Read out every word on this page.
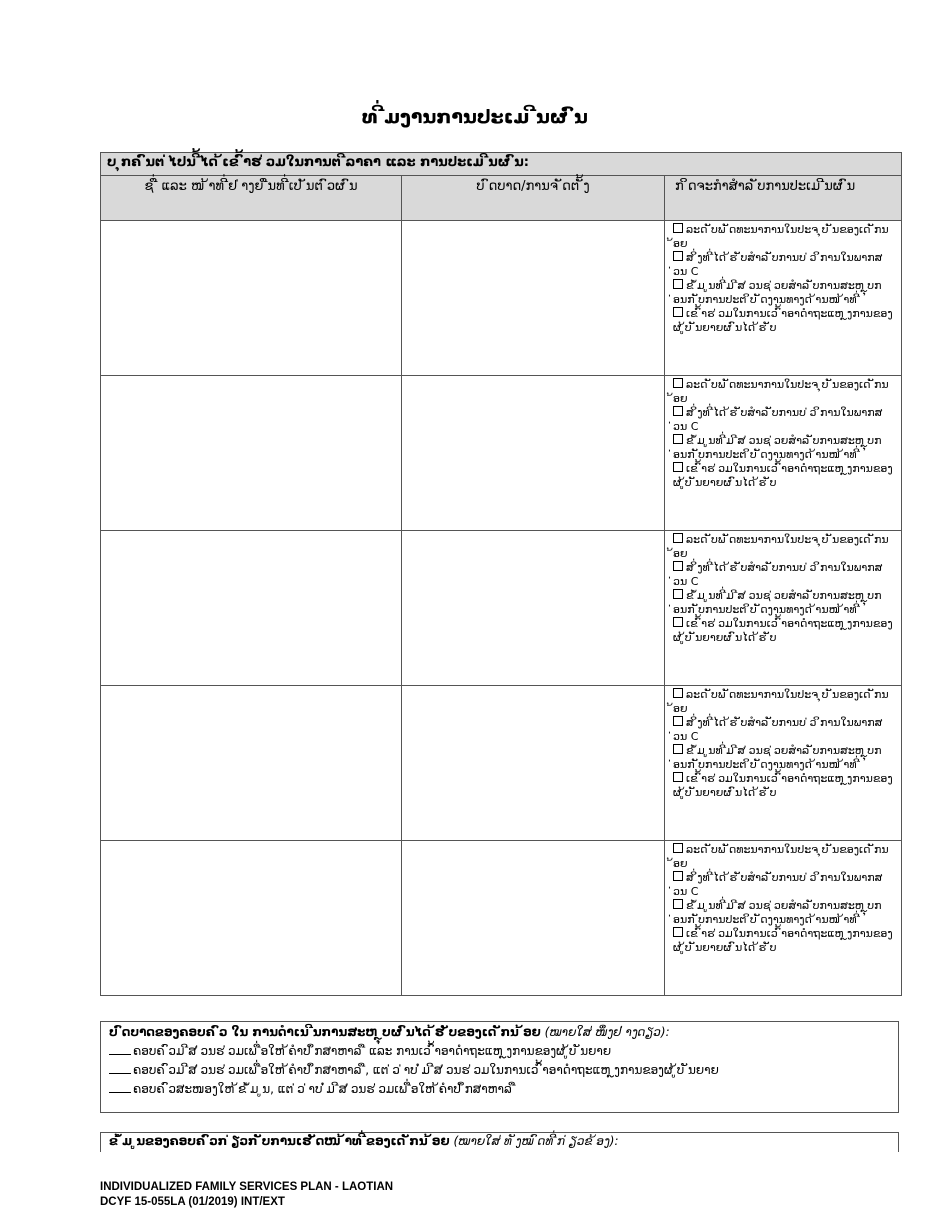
ທ ີ່ມງານການປະເມ ີນຜ ົນ
ບ ຸກຄ ົນຕ ່່ໄປນ ີ້ໄດ ້ເຂ ົ້າຮ ່ວມໃນການຕ ີລາຄາ ແລະ ການປະເມ ີນຜ ົນ:		
ຊ ື່ ແລະ ໜ ້າທ ີ່ຢ ່າງຍ ່ືນທ ີ່ເປ ັນຕ ົວຜ ົນ	ບ ົດບາດ/ການຈ ັດຕ ັ້ງ	ກ ິດຈະກໍາສໍາລ ັບການປະເມ ີນຜ ົນ

		ລະດ ັບພ ັດທະນາການໃນປະຈ ຸບ ັນຂອງເດ ັກນ ້ອຍ
ສ ິ່ງທ ີ່ໄດ ້ຮ ັບສໍາລ ັບການບ ່ວ ິການໃນພາກສ ່ວນ C
ຂ ໍ້ມ ູນທ ີ່ມ ີສ ່ວນຊ ່ວຍສໍາລ ັບການສະຫ ຼຸບກ ່ອນກ ັບການປະຕ ິບ ັດງານທາງດ ້ານໜ ້າທ ີ່
ເຂ ົ້າຮ ່ວມໃນການເວ ົ້າອາດໍາຖະແຫ ຼງການຂອງຜ ູ້ບ ັນຍາຍຜ ົນໄດ ້ຮ ັບ

		ລະດ ັບພ ັດທະນາການໃນປະຈ ຸບ ັນຂອງເດ ັກນ ້ອຍ
ສ ິ່ງທ ີ່ໄດ ້ຮ ັບສໍາລ ັບການບ ່ວ ິການໃນພາກສ ່ວນ C
ຂ ໍ້ມ ູນທ ີ່ມ ີສ ່ວນຊ ່ວຍສໍາລ ັບການສະຫ ຼຸບກ ່ອນກ ັບການປະຕ ິບ ັດງານທາງດ ້ານໜ ້າທ ີ່
ເຂ ົ້າຮ ່ວມໃນການເວ ົ້າອາດໍາຖະແຫ ຼງການຂອງຜ ູ້ບ ັນຍາຍຜ ົນໄດ ້ຮ ັບ

		ລະດ ັບພ ັດທະນາການໃນປະຈ ຸບ ັນຂອງເດ ັກນ ້ອຍ
ສ ິ່ງທ ີ່ໄດ ້ຮ ັບສໍາລ ັບການບ ່ວ ິການໃນພາກສ ່ວນ C
ຂ ໍ້ມ ູນທ ີ່ມ ີສ ່ວນຊ ່ວຍສໍາລ ັບການສະຫ ຼຸບກ ່ອນກ ັບການປະຕ ິບ ັດງານທາງດ ້ານໜ ້າທ ີ່
ເຂ ົ້າຮ ່ວມໃນການເວ ົ້າອາດໍາຖະແຫ ຼງການຂອງຜ ູ້ບ ັນຍາຍຜ ົນໄດ ້ຮ ັບ

		ລະດ ັບພ ັດທະນາການໃນປະຈ ຸບ ັນຂອງເດ ັກນ ້ອຍ
ສ ິ່ງທ ີ່ໄດ ້ຮ ັບສໍາລ ັບການບ ່ວ ິການໃນພາກສ ່ວນ C
ຂ ໍ້ມ ູນທ ີ່ມ ີສ ່ວນຊ ່ວຍສໍາລ ັບການສະຫ ຼຸບກ ່ອນກ ັບການປະຕ ິບ ັດງານທາງດ ້ານໜ ້າທ ີ່
ເຂ ົ້າຮ ່ວມໃນການເວ ົ້າອາດໍາຖະແຫ ຼງການຂອງຜ ູ້ບ ັນຍາຍຜ ົນໄດ ້ຮ ັບ

		ລະດ ັບພ ັດທະນາການໃນປະຈ ຸບ ັນຂອງເດ ັກນ ້ອຍ
ສ ິ່ງທ ີ່ໄດ ້ຮ ັບສໍາລ ັບການບ ່ວ ິການໃນພາກສ ່ວນ C
ຂ ໍ້ມ ູນທ ີ່ມ ີສ ່ວນຊ ່ວຍສໍາລ ັບການສະຫ ຼຸບກ ່ອນກ ັບການປະຕ ິບ ັດງານທາງດ ້ານໜ ້າທ ີ່
ເຂ ົ້າຮ ່ວມໃນການເວ ົ້າອາດໍາຖະແຫ ຼງການຂອງຜ ູ້ບ ັນຍາຍຜ ົນໄດ ້ຮ ັບ
ບ ົດບາດຂອງຄອບຄ ົວ ໃນ ການດໍາເນ ີນການສະຫ ຼຸບຜ ົນໄດ ້ຮ ັບຂອງເດ ັກນ ້ອຍ (ໝາຍໃສ ່ໜຶ່ງຢ ່າງດຽວ):
ຄອບຄ ົວມ ີສ ່ວນຮ ່ວມເພ ື່ອໃຫ ້ຄໍາປ ຶກສາຫາລ ື ແລະ ການເວ ົ້າອາດໍາຖະແຫ ຼງການຂອງຜ ູ້ບ ັນຍາຍ
ຄອບຄ ົວມ ີສ ່ວນຮ ່ວມເພ ື່ອໃຫ ້ຄໍາປ ຶກສາຫາລ ື, ແຕ ່ວ ່າບ ໍ່ມ ີສ ່ວນຮ ່ວມໃນການເວ ົ້າອາດໍາຖະແຫ ຼງການຂອງຜ ູ້ບ ັນຍາຍ
ຄອບຄ ົວສະໜອງໃຫ ້ຂ ໍ້ມ ູນ, ແຕ ່ວ ່າບ ໍ່ມ ີສ ່ວນຮ ່ວມເພ ື່ອໃຫ ້ຄໍາປ ຶກສາຫາລ ື
ຂ ໍ້ມ ູນຂອງຄອບຄ ົວກ ່ຽວກ ັບການເຮ ັດໜ ້າທ ີ່ຂອງເດ ັກນ ້ອຍ (ໝາຍໃສ ່ທ ັງໝ ົດທ ີ່ກ ່ຽວຂ ້ອງ):
INDIVIDUALIZED FAMILY SERVICES PLAN - LAOTIAN
DCYF 15-055LA (01/2019) INT/EXT
